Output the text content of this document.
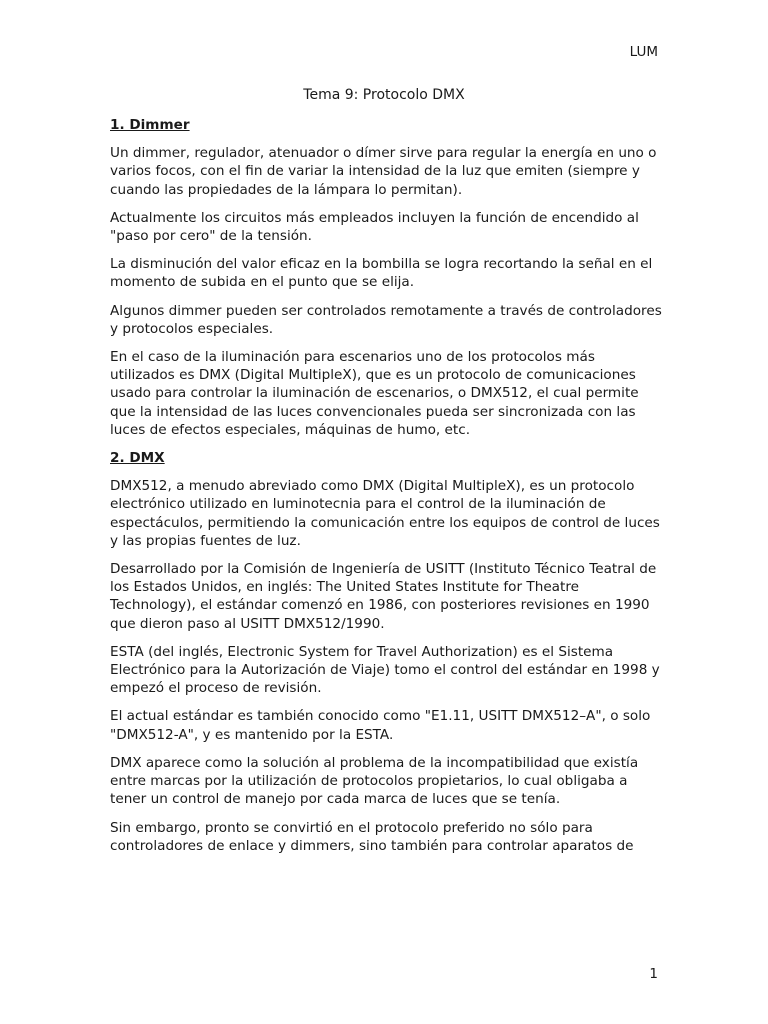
LUM
Tema 9: Protocolo DMX
1. Dimmer

Un dimmer, regulador, atenuador o dímer sirve para regular la energía en uno o varios focos, con el fin de variar la intensidad de la luz que emiten (siempre y cuando las propiedades de la lámpara lo permitan).

Actualmente los circuitos más empleados incluyen la función de encendido al "paso por cero" de la tensión.

La disminución del valor eficaz en la bombilla se logra recortando la señal en el momento de subida en el punto que se elija.

Algunos dimmer pueden ser controlados remotamente a través de controladores y protocolos especiales.

En el caso de la iluminación para escenarios uno de los protocolos más utilizados es DMX (Digital MultipleX), que es un protocolo de comunicaciones usado para controlar la iluminación de escenarios, o DMX512, el cual permite que la intensidad de las luces convencionales pueda ser sincronizada con las luces de efectos especiales, máquinas de humo, etc.

2. DMX

DMX512, a menudo abreviado como DMX (Digital MultipleX), es un protocolo electrónico utilizado en luminotecnia para el control de la iluminación de espectáculos, permitiendo la comunicación entre los equipos de control de luces y las propias fuentes de luz.

Desarrollado por la Comisión de Ingeniería de USITT (Instituto Técnico Teatral de los Estados Unidos, en inglés: The United States Institute for Theatre Technology), el estándar comenzó en 1986, con posteriores revisiones en 1990 que dieron paso al USITT DMX512/1990.

ESTA (del inglés, Electronic System for Travel Authorization) es el Sistema Electrónico para la Autorización de Viaje) tomo el control del estándar en 1998 y empezó el proceso de revisión.

El actual estándar es también conocido como "E1.11, USITT DMX512–A", o solo "DMX512-A", y es mantenido por la ESTA.

DMX aparece como la solución al problema de la incompatibilidad que existía entre marcas por la utilización de protocolos propietarios, lo cual obligaba a tener un control de manejo por cada marca de luces que se tenía.

Sin embargo, pronto se convirtió en el protocolo preferido no sólo para controladores de enlace y dimmers, sino también para controlar aparatos de

1
